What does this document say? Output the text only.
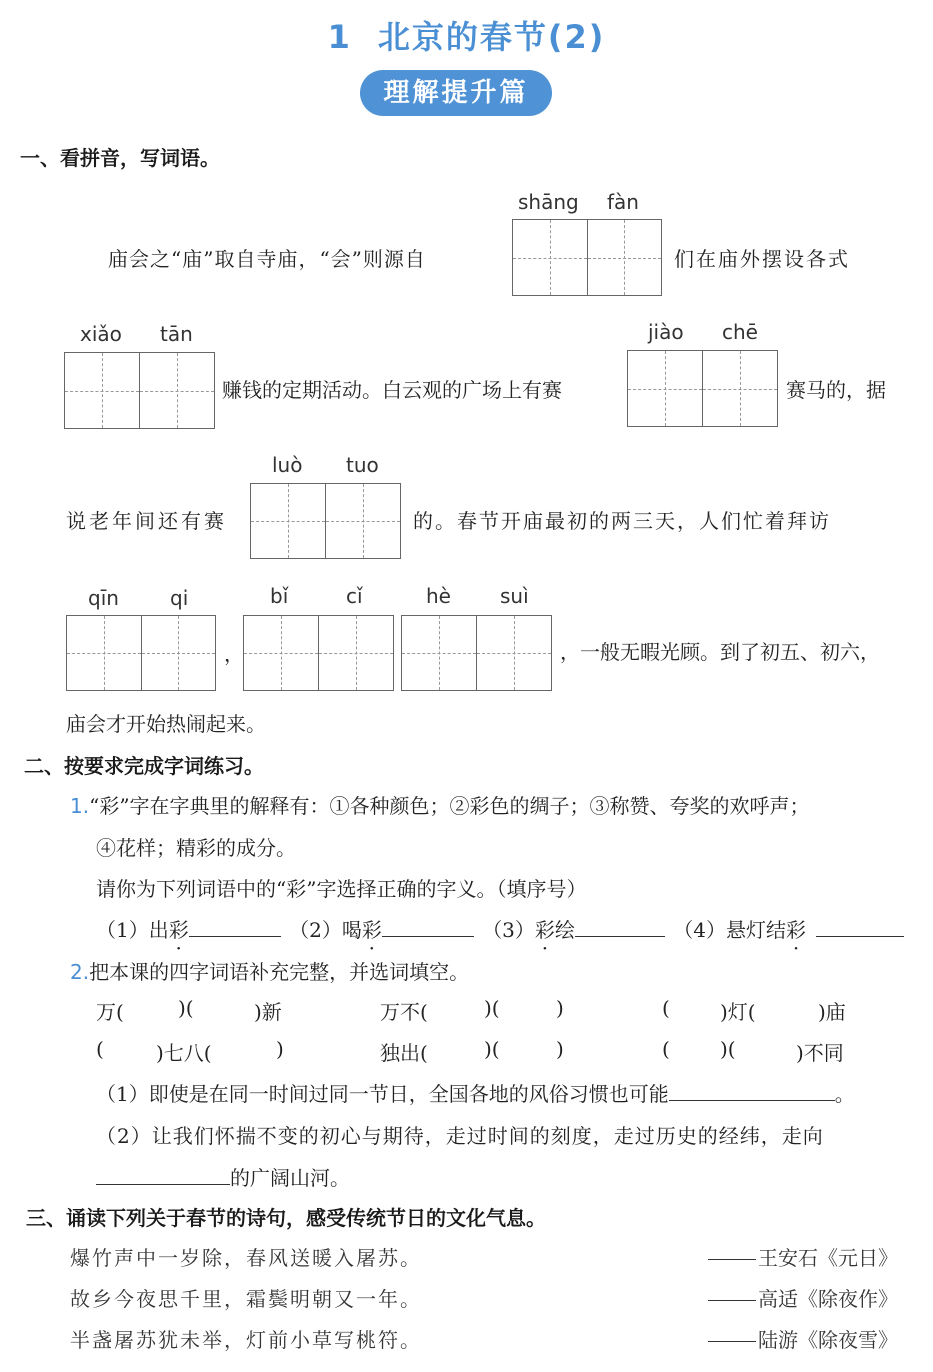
1 北京的春节(2)
理解提升篇
一、看拼音，写词语。
shāng fàn
庙会之“庙”取自寺庙，“会”则源自	们在庙外摆设各式
xiǎo tān
赚钱的定期活动。白云观的广场上有赛
jiào chē
赛马的，据
luò tuo
说老年间还有赛	的。春节开庙最初的两三天，人们忙着拜访
qīn	qi
，
bǐ	cǐ	hè suì
，一般无暇光顾。到了初五、初六，
庙会才开始热闹起来。
二、按要求完成字词练习。
1.“彩”字在字典里的解释有：①各种颜色；②彩色的绸子；③称赞、夸奖的欢呼声；
④花样；精彩的成分。
请你为下列词语中的“彩”字选择正确的字义。（填序号）
（1）出彩	（2）喝彩	（3）彩绘	（4）悬灯结彩
2.把本课的四字词语补充完整，并选词填空。
万(	)(	)新	万不(	)(	)	(	)灯(	)庙
(	)七八(	)	独出(	)(	)	(	)(	)不同
（1）即使是在同一时间过同一节日，全国各地的风俗习惯也可能	。
（2）让我们怀揣不变的初心与期待，走过时间的刻度，走过历史的经纬，走向
的广阔山河。
三、诵读下列关于春节的诗句，感受传统节日的文化气息。
爆竹声中一岁除，春风送暖入屠苏。	王安石《元日》
故乡今夜思千里，霜鬓明朝又一年。	高适《除夜作》
半盏屠苏犹未举，灯前小草写桃符。	陆游《除夜雪》
